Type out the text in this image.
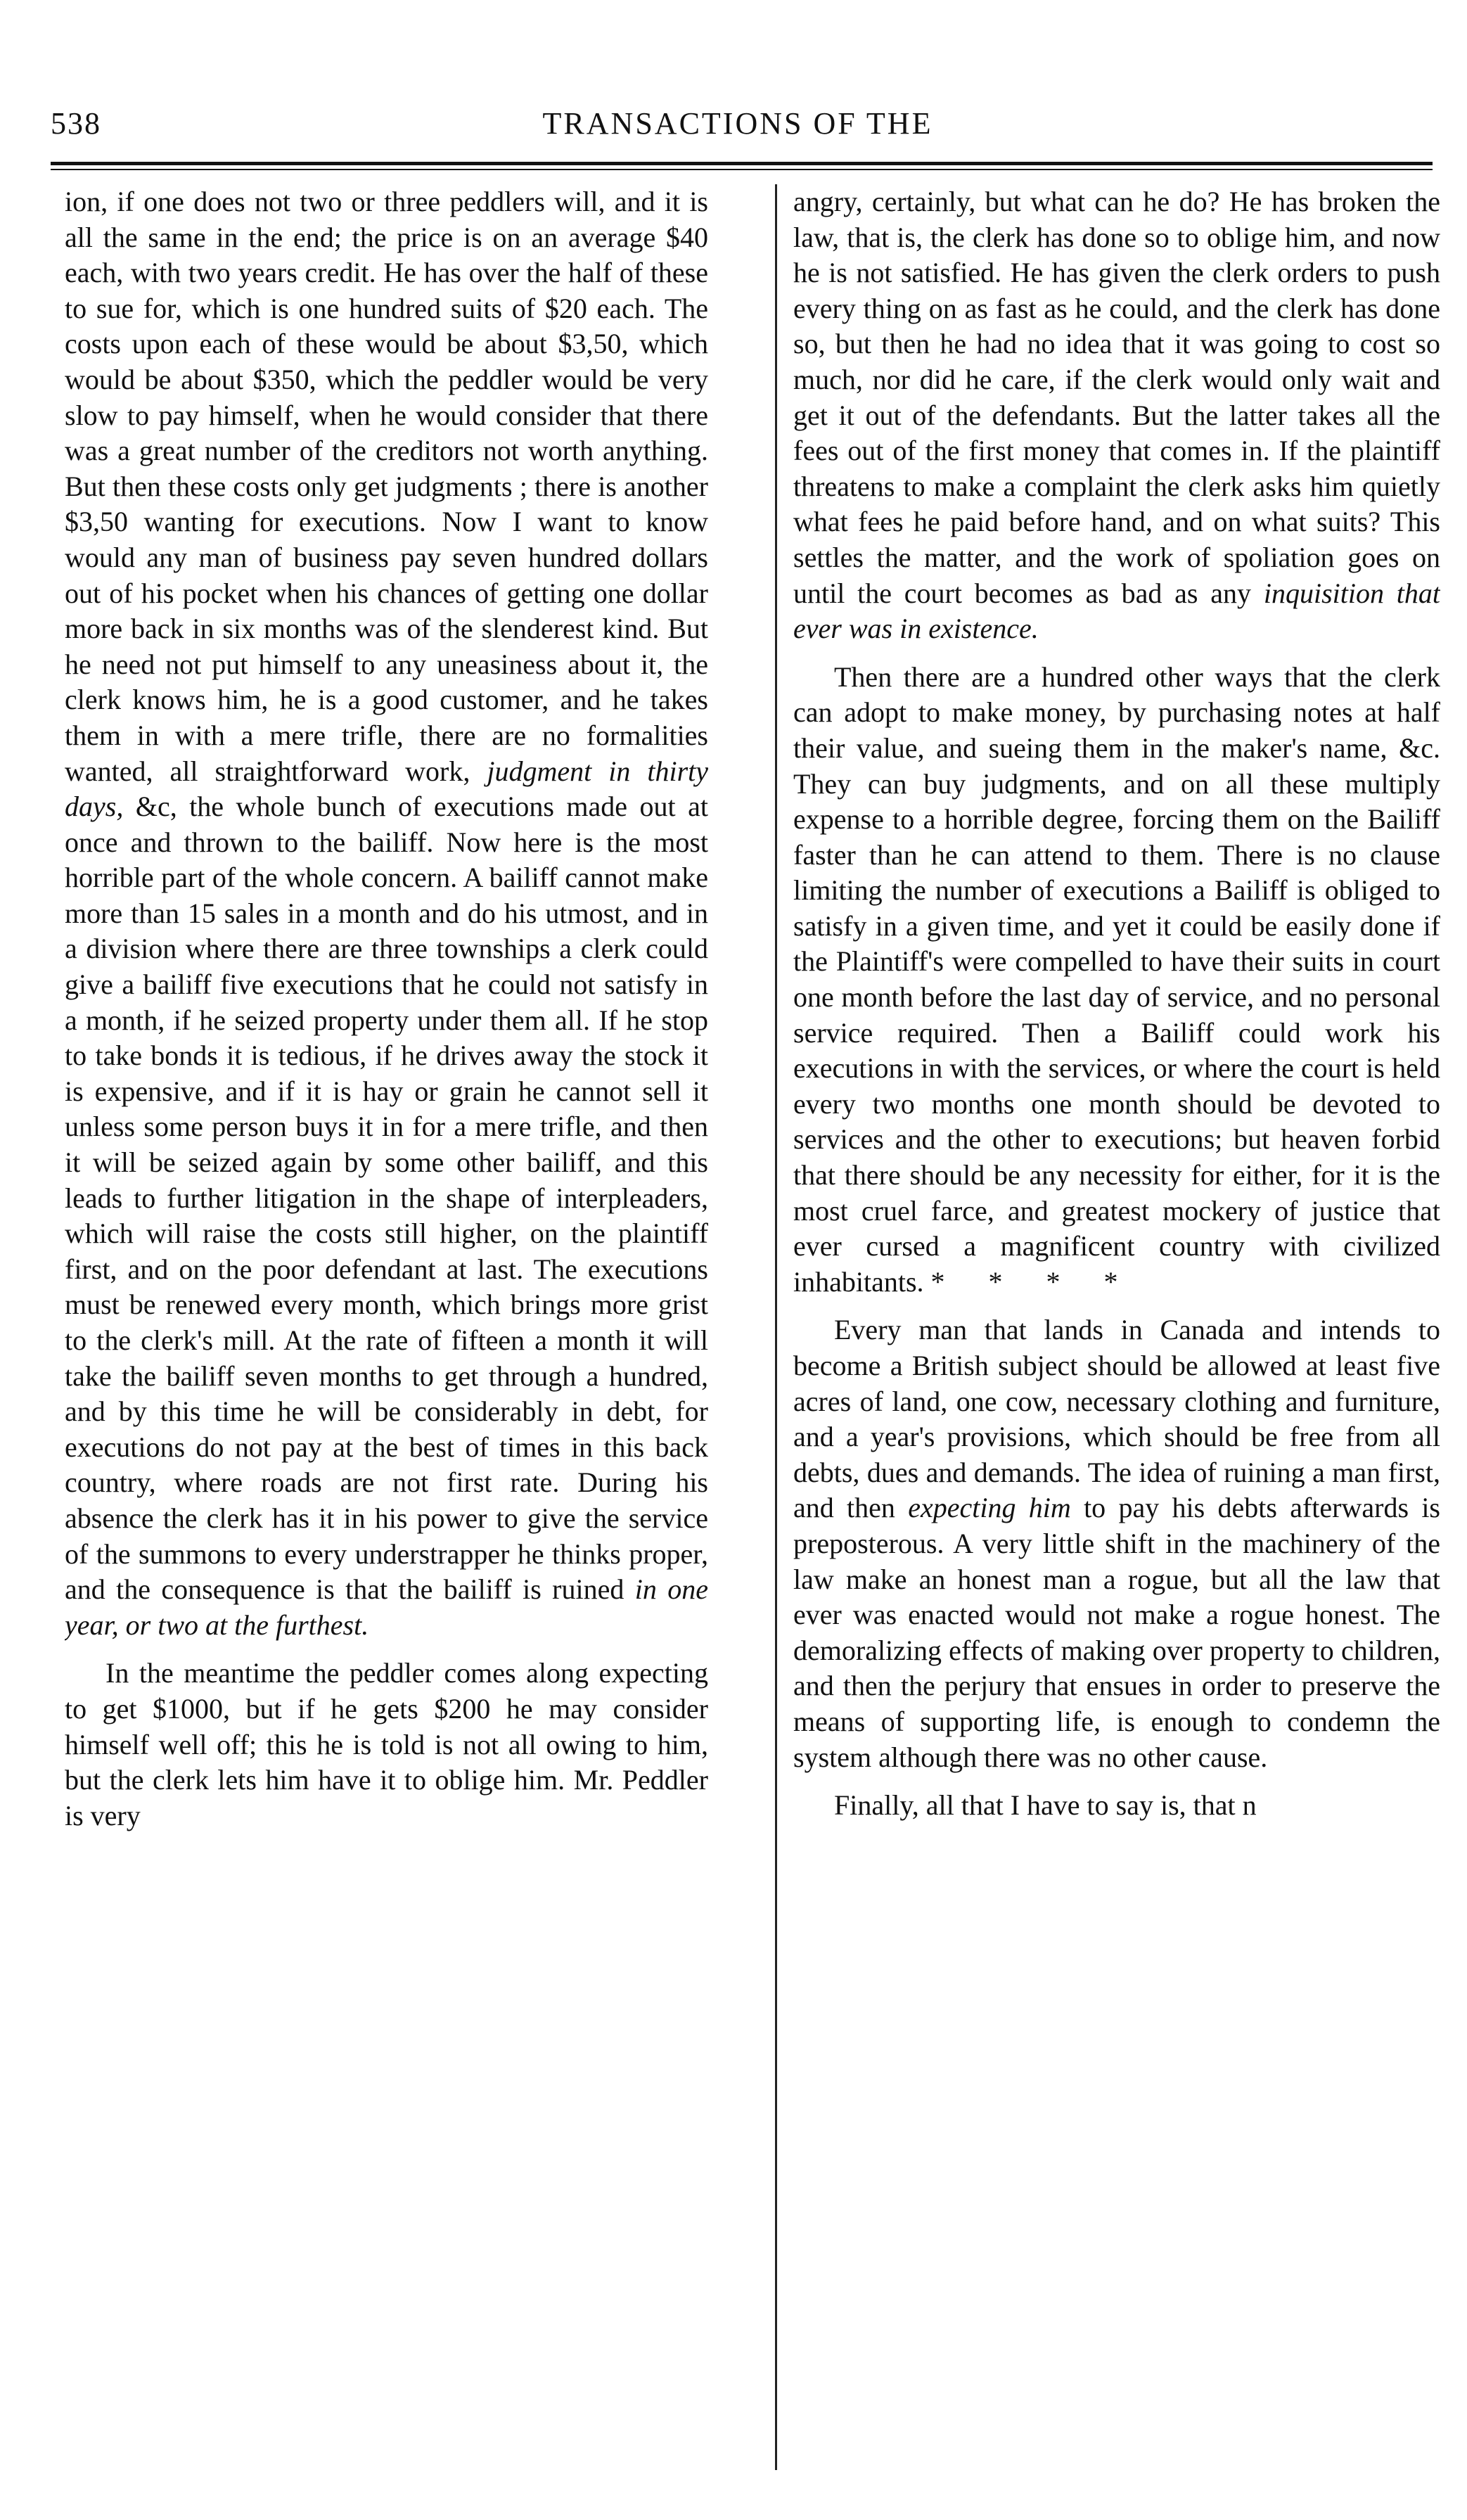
538	TRANSACTIONS OF THE

ion, if one does not two or three peddlers will, and it is all the same in the end; the price is on an average $40 each, with two years credit. He has over the half of these to sue for, which is one hundred suits of $20 each. The costs upon each of these would be about $3,50, which would be about $350, which the peddler would be very slow to pay himself, when he would consider that there was a great number of the creditors not worth anything. But then these costs only get judgments ; there is another $3,50 wanting for executions. Now I want to know would any man of business pay seven hundred dollars out of his pocket when his chances of getting one dollar more back in six months was of the slenderest kind. But he need not put himself to any uneasiness about it, the clerk knows him, he is a good customer, and he takes them in with a mere trifle, there are no formalities wanted, all straightforward work, judgment in thirty days, &c, the whole bunch of executions made out at once and thrown to the bailiff. Now here is the most horrible part of the whole concern. A bailiff cannot make more than 15 sales in a month and do his utmost, and in a division where there are three townships a clerk could give a bailiff five executions that he could not satisfy in a month, if he seized property under them all. If he stop to take bonds it is tedious, if he drives away the stock it is expensive, and if it is hay or grain he cannot sell it unless some person buys it in for a mere trifle, and then it will be seized again by some other bailiff, and this leads to further litigation in the shape of interpleaders, which will raise the costs still higher, on the plaintiff first, and on the poor defendant at last. The executions must be renewed every month, which brings more grist to the clerk's mill. At the rate of fifteen a month it will take the bailiff seven months to get through a hundred, and by this time he will be considerably in debt, for executions do not pay at the best of times in this back country, where roads are not first rate. During his absence the clerk has it in his power to give the service of the summons to every understrapper he thinks proper, and the consequence is that the bailiff is ruined in one year, or two at the furthest.

In the meantime the peddler comes along expecting to get $1000, but if he gets $200 he may consider himself well off; this he is told is not all owing to him, but the clerk lets him have it to oblige him. Mr. Peddler is very

angry, certainly, but what can he do? He has broken the law, that is, the clerk has done so to oblige him, and now he is not satisfied. He has given the clerk orders to push every thing on as fast as he could, and the clerk has done so, but then he had no idea that it was going to cost so much, nor did he care, if the clerk would only wait and get it out of the defendants. But the latter takes all the fees out of the first money that comes in. If the plaintiff threatens to make a complaint the clerk asks him quietly what fees he paid before hand, and on what suits? This settles the matter, and the work of spoliation goes on until the court becomes as bad as any inquisition that ever was in existence.

Then there are a hundred other ways that the clerk can adopt to make money, by purchasing notes at half their value, and sueing them in the maker's name, &c. They can buy judgments, and on all these multiply expense to a horrible degree, forcing them on the Bailiff faster than he can attend to them. There is no clause limiting the number of executions a Bailiff is obliged to satisfy in a given time, and yet it could be easily done if the Plaintiff's were compelled to have their suits in court one month before the last day of service, and no personal service required. Then a Bailiff could work his executions in with the services, or where the court is held every two months one month should be devoted to services and the other to executions; but heaven forbid that there should be any necessity for either, for it is the most cruel farce, and greatest mockery of justice that ever cursed a magnificent country with civilized inhabitants. * * * *

Every man that lands in Canada and intends to become a British subject should be allowed at least five acres of land, one cow, necessary clothing and furniture, and a year's provisions, which should be free from all debts, dues and demands. The idea of ruining a man first, and then expecting him to pay his debts afterwards is preposterous. A very little shift in the machinery of the law make an honest man a rogue, but all the law that ever was enacted would not make a rogue honest. The demoralizing effects of making over property to children, and then the perjury that ensues in order to preserve the means of supporting life, is enough to condemn the system although there was no other cause.

Finally, all that I have to say is, that n
